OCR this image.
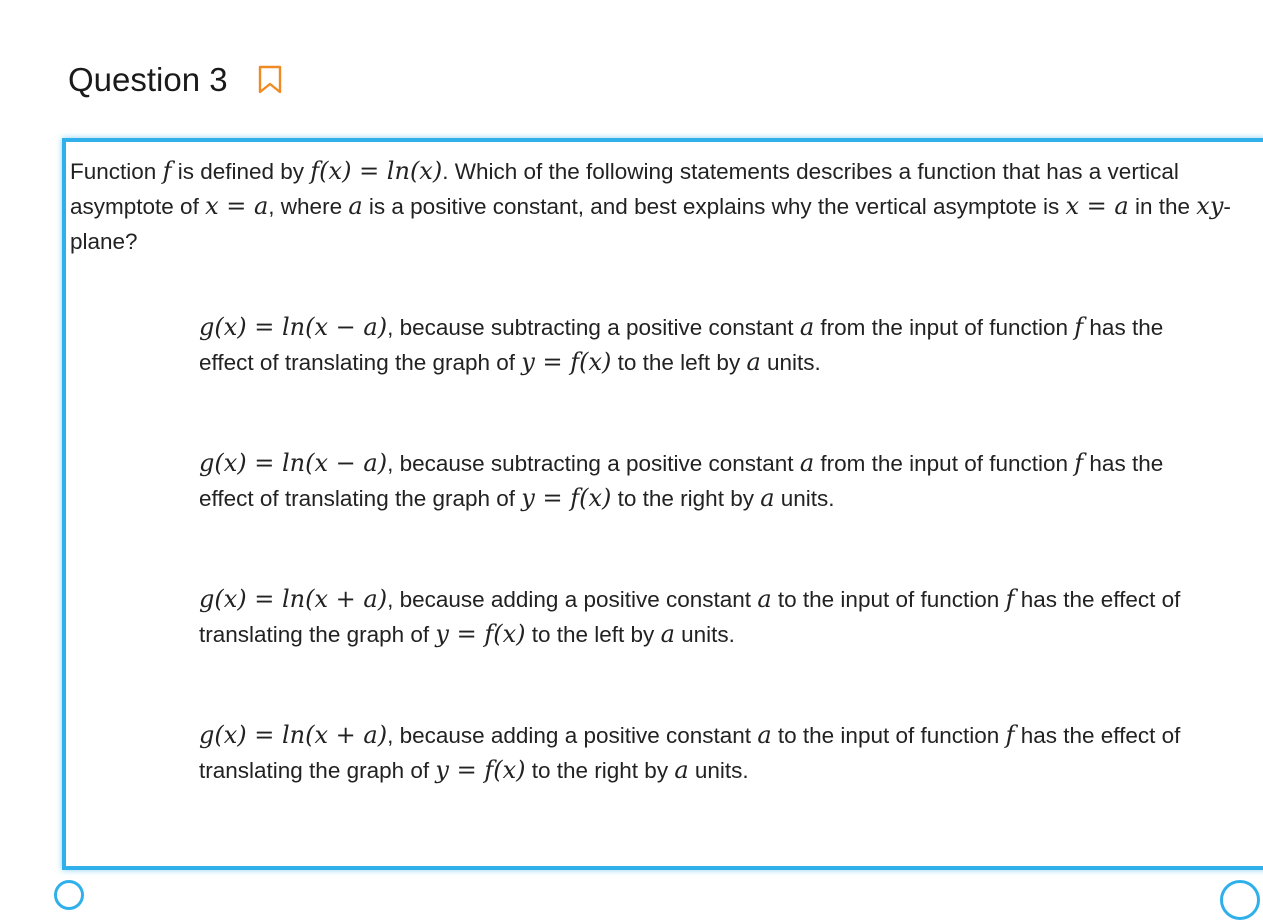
Question 3
Function f is defined by f(x) = ln(x). Which of the following statements describes a function that has a vertical asymptote of x = a, where a is a positive constant, and best explains why the vertical asymptote is x = a in the xy-plane?
g(x) = ln(x − a), because subtracting a positive constant a from the input of function f has the effect of translating the graph of y = f(x) to the left by a units.
g(x) = ln(x − a), because subtracting a positive constant a from the input of function f has the effect of translating the graph of y = f(x) to the right by a units.
g(x) = ln(x + a), because adding a positive constant a to the input of function f has the effect of translating the graph of y = f(x) to the left by a units.
g(x) = ln(x + a), because adding a positive constant a to the input of function f has the effect of translating the graph of y = f(x) to the right by a units.
